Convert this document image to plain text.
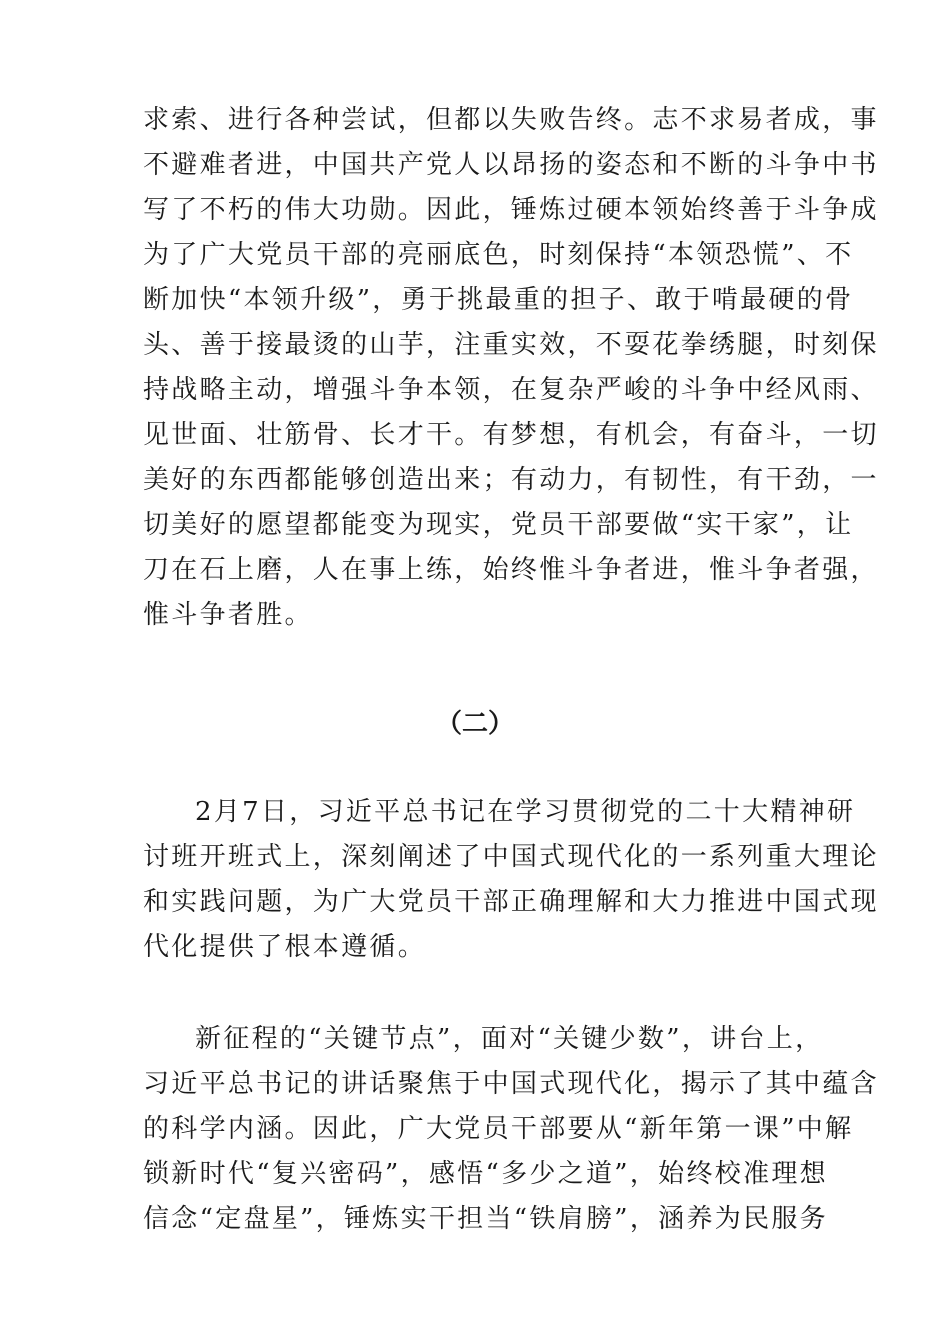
求索、进行各种尝试，但都以失败告终。志不求易者成，事
不避难者进，中国共产党人以昂扬的姿态和不断的斗争中书
写了不朽的伟大功勋。因此，锤炼过硬本领始终善于斗争成
为了广大党员干部的亮丽底色，时刻保持“本领恐慌”、不
断加快“本领升级”，勇于挑最重的担子、敢于啃最硬的骨
头、善于接最烫的山芋，注重实效，不耍花拳绣腿，时刻保
持战略主动，增强斗争本领，在复杂严峻的斗争中经风雨、
见世面、壮筋骨、长才干。有梦想，有机会，有奋斗，一切
美好的东西都能够创造出来；有动力，有韧性，有干劲，一
切美好的愿望都能变为现实，党员干部要做“实干家”，让
刀在石上磨，人在事上练，始终惟斗争者进，惟斗争者强，
惟斗争者胜。
（二）
2月7日，习近平总书记在学习贯彻党的二十大精神研
讨班开班式上，深刻阐述了中国式现代化的一系列重大理论
和实践问题，为广大党员干部正确理解和大力推进中国式现
代化提供了根本遵循。
新征程的“关键节点”，面对“关键少数”，讲台上，
习近平总书记的讲话聚焦于中国式现代化，揭示了其中蕴含
的科学内涵。因此，广大党员干部要从“新年第一课”中解
锁新时代“复兴密码”，感悟“多少之道”，始终校准理想
信念“定盘星”，锤炼实干担当“铁肩膀”，涵养为民服务
